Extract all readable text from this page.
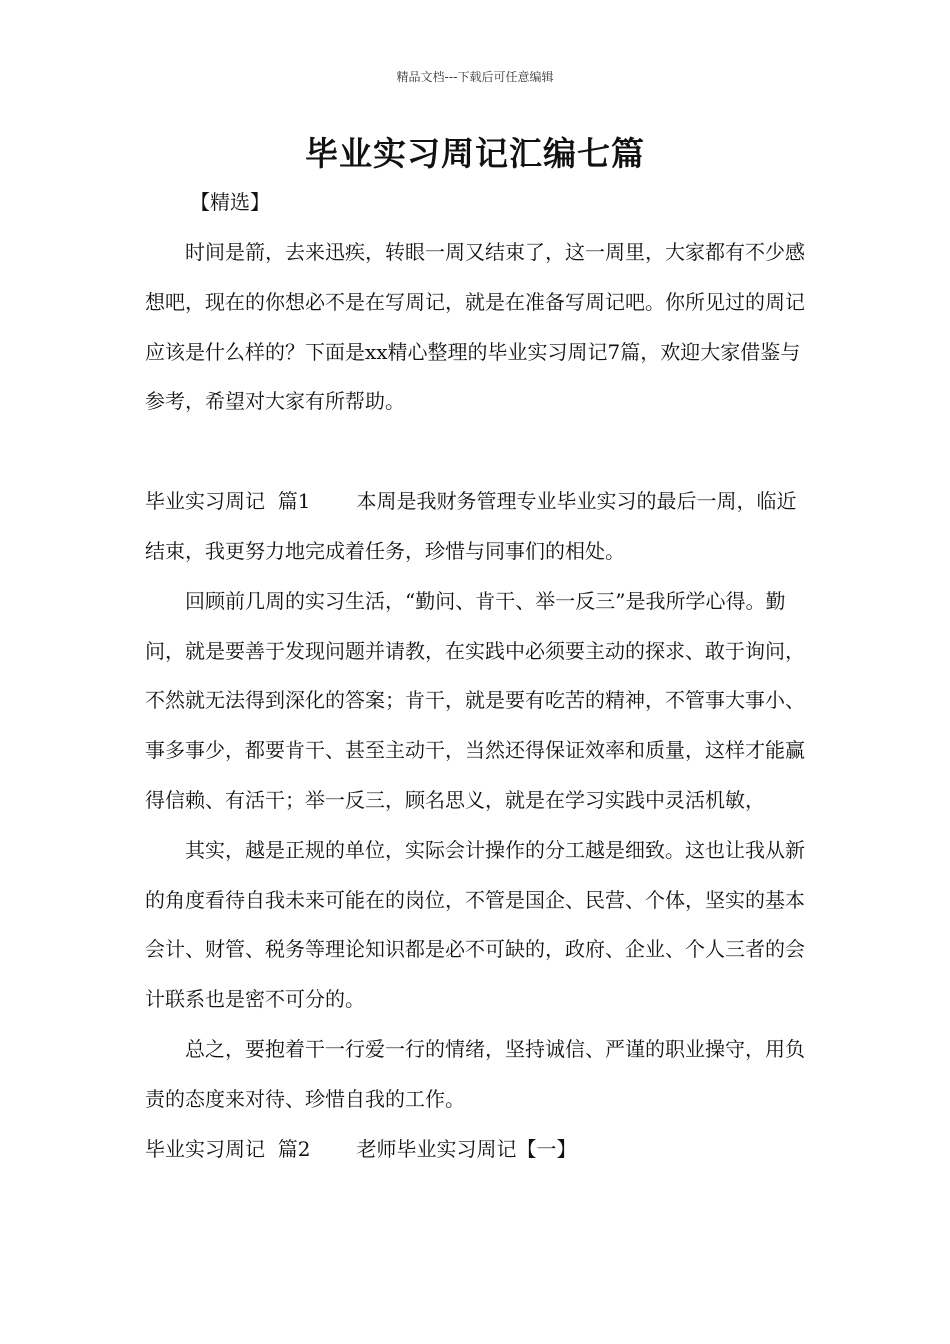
精品文档---下载后可任意编辑
毕业实习周记汇编七篇
【精选】

时间是箭，去来迅疾，转眼一周又结束了，这一周里，大家都有不少感想吧，现在的你想必不是在写周记，就是在准备写周记吧。你所见过的周记应该是什么样的？下面是xx精心整理的毕业实习周记7篇，欢迎大家借鉴与参考，希望对大家有所帮助。

毕业实习周记  篇1 本周是我财务管理专业毕业实习的最后一周，临近结束，我更努力地完成着任务，珍惜与同事们的相处。

回顾前几周的实习生活，“勤问、肯干、举一反三”是我所学心得。勤问，就是要善于发现问题并请教，在实践中必须要主动的探求、敢于询问，不然就无法得到深化的答案；肯干，就是要有吃苦的精神，不管事大事小、事多事少，都要肯干、甚至主动干，当然还得保证效率和质量，这样才能赢得信赖、有活干；举一反三，顾名思义，就是在学习实践中灵活机敏，

其实，越是正规的单位，实际会计操作的分工越是细致。这也让我从新的角度看待自我未来可能在的岗位，不管是国企、民营、个体，坚实的基本会计、财管、税务等理论知识都是必不可缺的，政府、企业、个人三者的会计联系也是密不可分的。

总之，要抱着干一行爱一行的情绪，坚持诚信、严谨的职业操守，用负责的态度来对待、珍惜自我的工作。

毕业实习周记  篇2 老师毕业实习周记【一】
